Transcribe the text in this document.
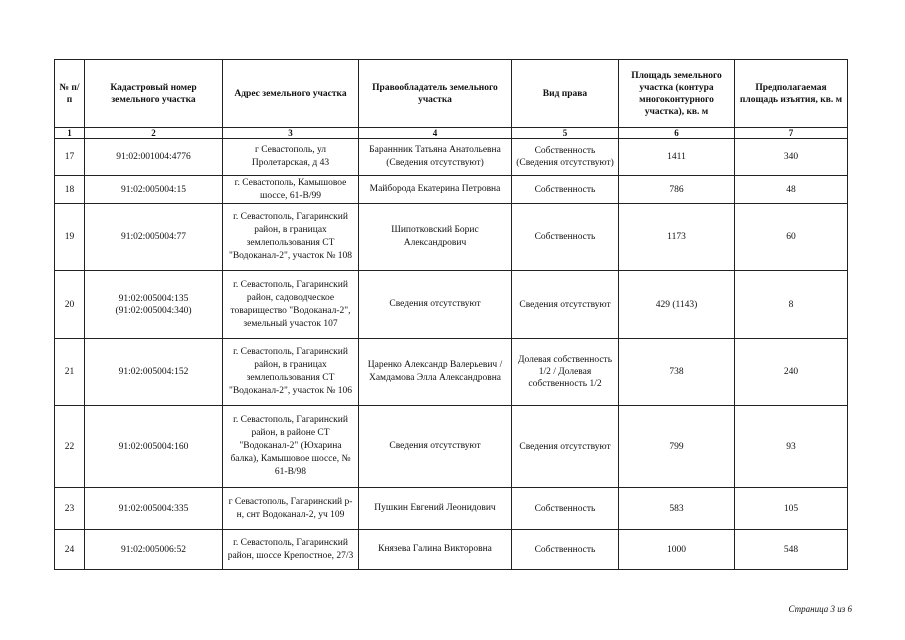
№ п/п	Кадастровый номер земельного участка	Адрес земельного участка	Правообладатель земельного участка	Вид права	Площадь земельного участка (контура многоконтурного участка), кв. м	Предполагаемая площадь изъятия, кв. м
1	2	3	4	5	6	7
17	91:02:001004:4776	г Севастополь, ул Пролетарская, д 43	Бараннник Татьяна Анатольевна (Сведения отсутствуют)	Собственность (Сведения отсутствуют)	1411	340
18	91:02:005004:15	г. Севастополь, Камышовое шоссе, 61-В/99	Майборода Екатерина Петровна	Собственность	786	48
19	91:02:005004:77	г. Севастополь, Гагаринский район, в границах землепользования СТ "Водоканал-2", участок № 108	Шипотковский Борис Александрович	Собственность	1173	60
20	91:02:005004:135 (91:02:005004:340)	г. Севастополь, Гагаринский район, садоводческое товарищество "Водоканал-2", земельный участок 107	Сведения отсутствуют	Сведения отсутствуют	429 (1143)	8
21	91:02:005004:152	г. Севастополь, Гагаринский район, в границах землепользования СТ "Водоканал-2", участок № 106	Царенко Александр Валерьевич / Хамдамова Элла Александровна	Долевая собственность 1/2 / Долевая собственность 1/2	738	240
22	91:02:005004:160	г. Севастополь, Гагаринский район, в районе СТ "Водоканал-2" (Юхарина балка), Камышовое шоссе, № 61-В/98	Сведения отсутствуют	Сведения отсутствуют	799	93
23	91:02:005004:335	г Севастополь, Гагаринский р-н, снт Водоканал-2, уч 109	Пушкин Евгений Леонидович	Собственность	583	105
24	91:02:005006:52	г. Севастополь, Гагаринский район, шоссе Крепостное, 27/3	Князева Галина Викторовна	Собственность	1000	548
Страница 3 из 6
